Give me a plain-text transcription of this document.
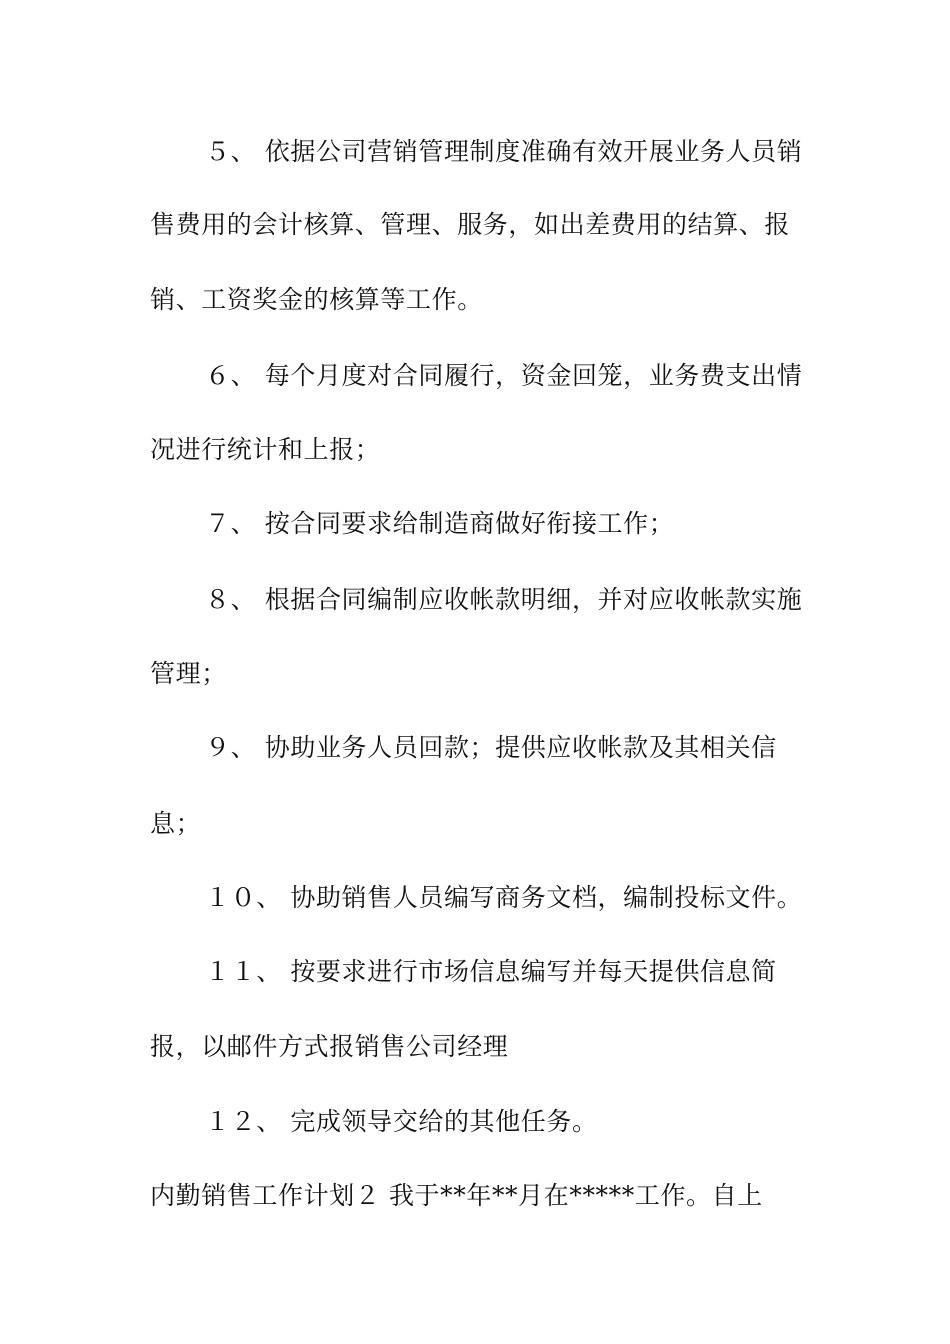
５、 依据公司营销管理制度准确有效开展业务人员销
售费用的会计核算、管理、服务，如出差费用的结算、报
销、工资奖金的核算等工作。
６、 每个月度对合同履行，资金回笼，业务费支出情
况进行统计和上报；
７、 按合同要求给制造商做好衔接工作；
８、 根据合同编制应收帐款明细，并对应收帐款实施
管理；
９、 协助业务人员回款；提供应收帐款及其相关信
息；
１０、 协助销售人员编写商务文档，编制投标文件。
１１、 按要求进行市场信息编写并每天提供信息简
报，以邮件方式报销售公司经理
１２、 完成领导交给的其他任务。
内勤销售工作计划２ 我于**年**月在*****工作。自上
